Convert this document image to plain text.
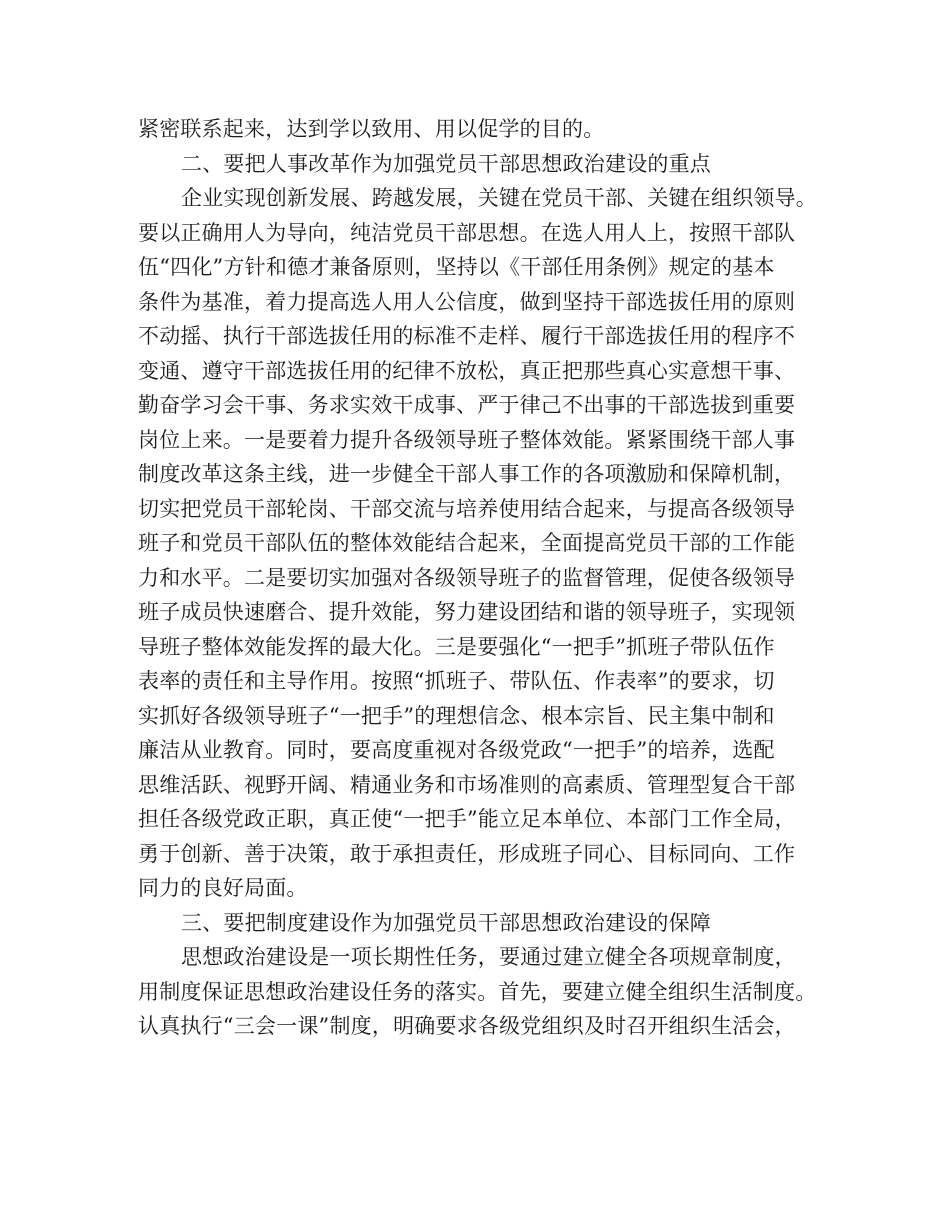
紧密联系起来，达到学以致用、用以促学的目的。
二、要把人事改革作为加强党员干部思想政治建设的重点
企业实现创新发展、跨越发展，关键在党员干部、关键在组织领导。
要以正确用人为导向，纯洁党员干部思想。在选人用人上，按照干部队
伍“四化”方针和德才兼备原则，坚持以《干部任用条例》规定的基本
条件为基准，着力提高选人用人公信度，做到坚持干部选拔任用的原则
不动摇、执行干部选拔任用的标准不走样、履行干部选拔任用的程序不
变通、遵守干部选拔任用的纪律不放松，真正把那些真心实意想干事、
勤奋学习会干事、务求实效干成事、严于律己不出事的干部选拔到重要
岗位上来。一是要着力提升各级领导班子整体效能。紧紧围绕干部人事
制度改革这条主线，进一步健全干部人事工作的各项激励和保障机制，
切实把党员干部轮岗、干部交流与培养使用结合起来，与提高各级领导
班子和党员干部队伍的整体效能结合起来，全面提高党员干部的工作能
力和水平。二是要切实加强对各级领导班子的监督管理，促使各级领导
班子成员快速磨合、提升效能，努力建设团结和谐的领导班子，实现领
导班子整体效能发挥的最大化。三是要强化“一把手”抓班子带队伍作
表率的责任和主导作用。按照“抓班子、带队伍、作表率”的要求，切
实抓好各级领导班子“一把手”的理想信念、根本宗旨、民主集中制和
廉洁从业教育。同时，要高度重视对各级党政“一把手”的培养，选配
思维活跃、视野开阔、精通业务和市场准则的高素质、管理型复合干部
担任各级党政正职，真正使“一把手”能立足本单位、本部门工作全局，
勇于创新、善于决策，敢于承担责任，形成班子同心、目标同向、工作
同力的良好局面。
三、要把制度建设作为加强党员干部思想政治建设的保障
思想政治建设是一项长期性任务，要通过建立健全各项规章制度，
用制度保证思想政治建设任务的落实。首先，要建立健全组织生活制度。
认真执行“三会一课”制度，明确要求各级党组织及时召开组织生活会，
